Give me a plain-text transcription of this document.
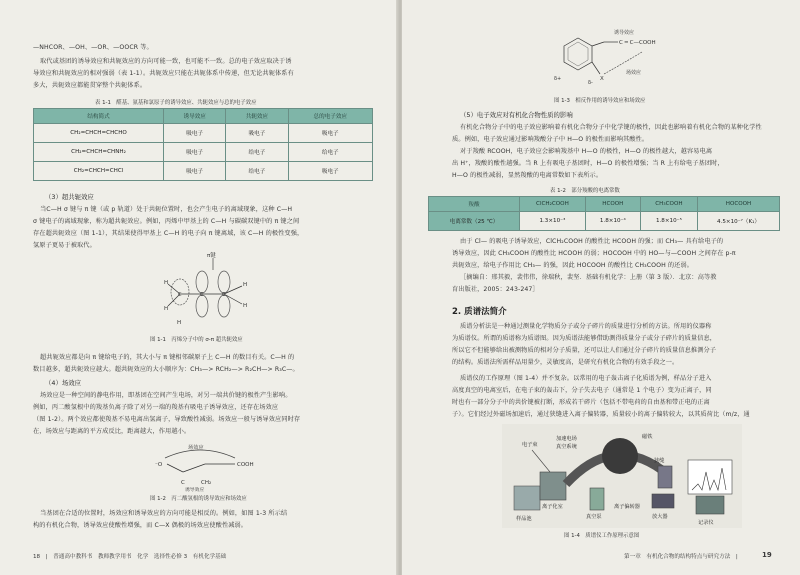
—NHCOR、—OH、—OR、—OOCR 等。
取代或基团的诱导效应和共轭效应的方向可能一致，也可能不一致。总的电子效应取决于诱
导效应和共轭效应的相对强弱（表 1-1）。共轭效应只能在共轭体系中传递，但无论共轭体系有
多大，共轭效应都能贯穿整个共轭体系。
表 1-1　醛基、氨基和氯原子的诱导效应、共轭效应与总的电子效应
结构简式	诱导效应	共轭效应	总的电子效应
CH₂=CHCH=CHCHO	吸电子	吸电子	吸电子
CH₂=CHCH=CHNH₂	吸电子	给电子	给电子
CH₂=CHCH=CHCl	吸电子	给电子	吸电子
（3）超共轭效应
当C—H σ 键与 π 键（或 p 轨道）处于共轭位置时，也会产生电子的离域现象，这种 C—H
σ 键电子的离域现象，称为超共轭效应。例如，丙烯中甲基上的 C—H 与碳碳双键中的 π 键之间
存在超共轭效应（图 1-1），其结果使得甲基上 C—H 的电子向 π 键离域，该 C—H 的极性变强，
氢原子更易于被取代。
π键
H
H
H
H
H
C	C	C
图 1-1　丙烯分子中的 σ-π 超共轭效应
超共轭效应都是向 π 键给电子的，其大小与 π 键相邻碳原子上 C—H 的数目有关。C—H 的
数目越多，超共轭效应越大。超共轭效应的大小顺序为：CH₃—> RCH₂—> R₂CH—> R₃C—。
（4）场效应
场效应是一种空间的静电作用，即基团在空间产生电场，对另一端共价键的极性产生影响。
例如，丙二酸氢根中的羧基负离子除了对另一端的羧基有吸电子诱导效应，还存在场效应
（图 1-2）。两个效应都使羧基不易电离出氢离子，导致酸性减弱。场效应一般与诱导效应同时存
在，场效应与距离的平方成反比，距离越大，作用越小。
场效应
⁻O	COOH
C	CH₂
诱导效应
图 1-2　丙二酸氢根的诱导效应和场效应
当基团在合适的位置时，场效应和诱导效应的方向可能是相反的。例如，如图 1-3 所示结
构的有机化合物，诱导效应使酸性增强，而 C—X 偶极的场效应使酸性减弱。
18　|　普通高中教科书　教师教学用书　化学　选择性必修 3　有机化学基础
C ═ C—COOH
X
δ+
δ-
诱导效应
场效应
图 1-3　相反作用的诱导效应和场效应
（5）电子效应对有机化合物性质的影响
有机化合物分子中的电子效应影响着有机化合物分子中化学键的极性，因此也影响着有机化合物的某种化学性
质。例如，电子效应通过影响羧酸分子中 H—O 的极性而影响其酸性。
对于羧酸 RCOOH，电子效应会影响羧基中 H—O 的极性，H—O 的极性越大，越容易电离
出 H⁺，羧酸的酸性越强。当 R 上有吸电子基团时，H—O 的极性增强；当 R 上有给电子基团时，
H—O 的极性减弱，显然羧酸的电离常数如下表所示。
表 1-2　部分羧酸的电离常数
羧酸	ClCH₂COOH	HCOOH	CH₃COOH	HOCOOH
电离常数（25 ℃）	1.3×10⁻³	1.8×10⁻⁴	1.8×10⁻⁵	4.5×10⁻⁷（K₁）
由于 Cl— 的吸电子诱导效应，ClCH₂COOH 的酸性比 HCOOH 的强；而 CH₃— 具有给电子的
诱导效应，因此 CH₃COOH 的酸性比 HCOOH 的弱；HOCOOH 中的 HO—与—COOH 之间存在 p-π
共轭效应，给电子作用比 CH₃— 的强，因此 HOCOOH 的酸性比 CH₃COOH 的还弱。
［摘编自：邢其毅，裴伟伟，徐瑞秋，裴坚．基础有机化学：上册（第 3 版）．北京：高等教
育出版社，2005：243-247］
2. 质谱法简介
质谱分析法是一种通过测量化学物质分子或分子碎片的质量进行分析的方法。所用的仪器称
为质谱仪。所谓的质谱称为质谱图。因为质谱法能够借助测得质量分子或分子碎片的质量信息，
所以它不但能够给出被测物质的相对分子质量，还可以让人们通过分子碎片的质量信息推测分子
的结构。质谱法所需样品用量少，灵敏度高，是研究有机化合物的有效手段之一。
质谱仪的工作原理（图 1-4）并不复杂。以常用的电子轰击离子化质谱为例，样品分子进入
高度真空的电离室后，在电子束的轰击下，分子失去电子（通常是 1 个电子）变为正离子，同
时也有一部分分子中的共价键被打断，形成若干碎片（包括不带电荷的自由基和带正电的正离
子）。它们经过外磁场加速后，通过狭缝进入离子偏转器，质量较小的离子偏转较大，以其质荷比（m/z，通
电子束
加速电场
真空系统
磁铁
离子化室
样品池	真空泵
离子偏转器
狭缝
放大器
记录仪
图 1-4　质谱仪工作原理示意图
第一章　有机化合物的结构特点与研究方法　|	19
